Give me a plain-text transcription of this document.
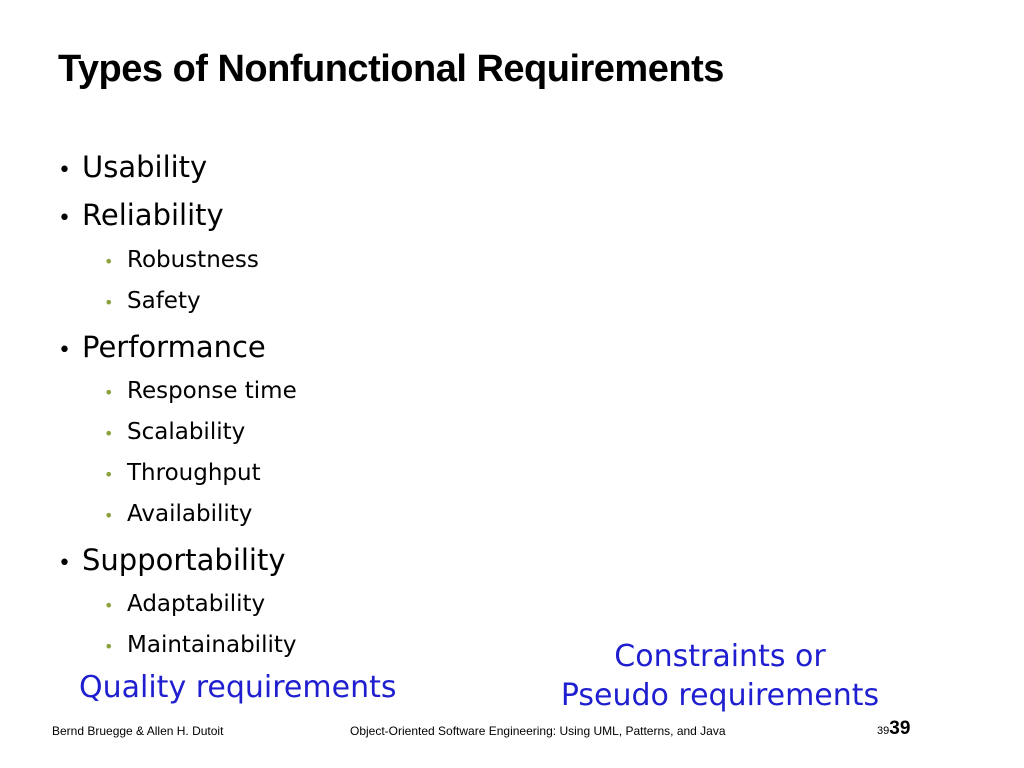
Types of Nonfunctional Requirements
• Usability
• Reliability
• Robustness
• Safety
• Performance
• Response time
• Scalability
• Throughput
• Availability
• Supportability
• Adaptability
• Maintainability
Quality requirements
Constraints or
Pseudo requirements
Bernd Bruegge & Allen H. Dutoit	Object-Oriented Software Engineering: Using UML, Patterns, and Java	3939
